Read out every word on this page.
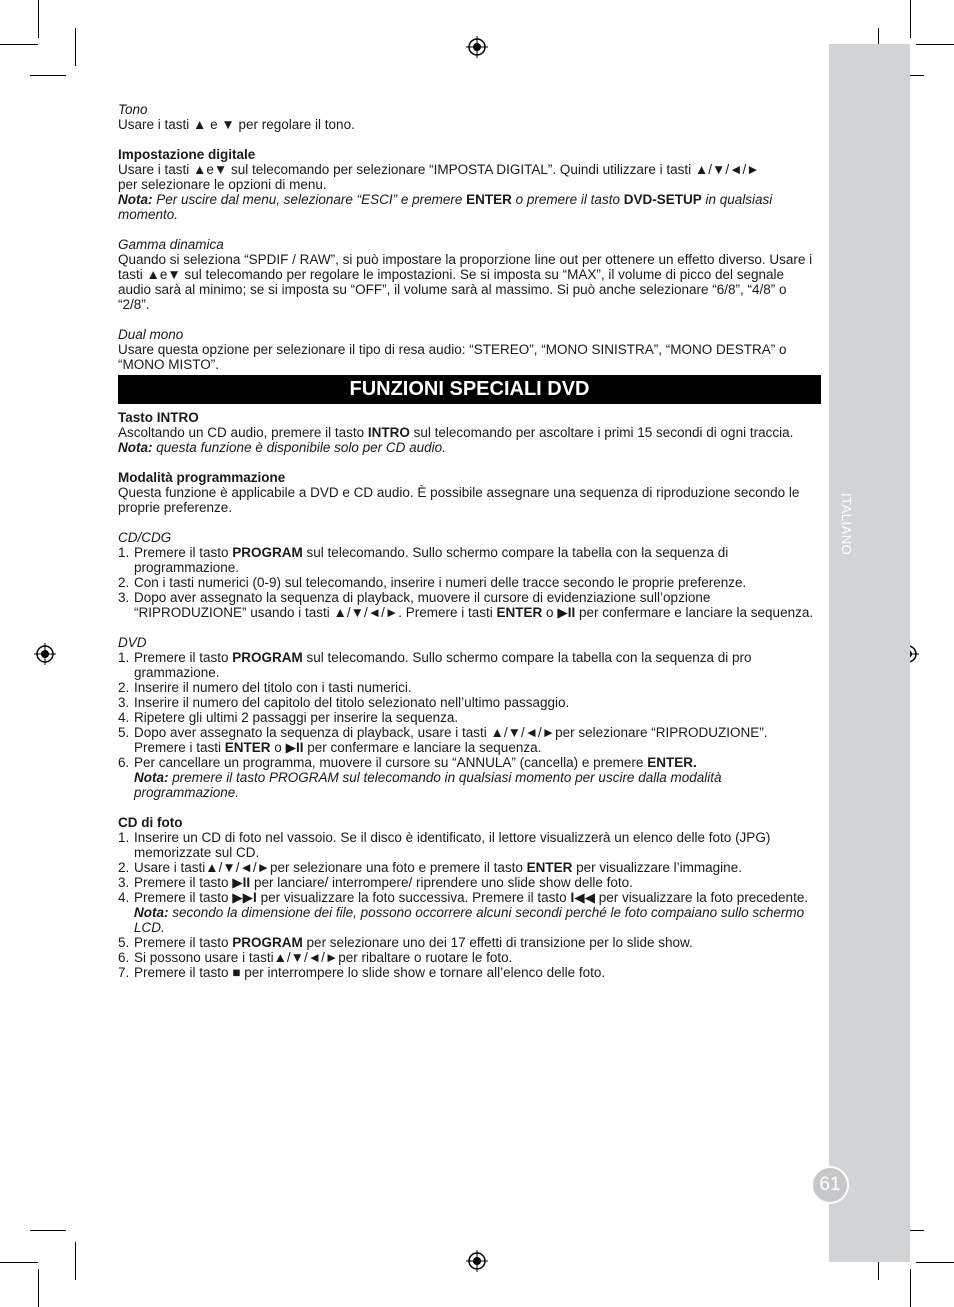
ITALIANO
61

Tono

Usare i tasti ▲ e ▼ per regolare il tono.

Impostazione digitale

Usare i tasti ▲e▼ sul telecomando per selezionare “IMPOSTA DIGITAL”. Quindi utilizzare i tasti ▲/▼/◄/►

per selezionare le opzioni di menu.

Nota: Per uscire dal menu, selezionare “ESCI” e premere ENTER o premere il tasto DVD-SETUP in qualsiasi momento.

Gamma dinamica

Quando si seleziona “SPDIF / RAW”, si può impostare la proporzione line out per ottenere un effetto diverso. Usare i tasti ▲e▼ sul telecomando per regolare le impostazioni. Se si imposta su “MAX”, il volume di picco del segnale audio sarà al minimo; se si imposta su “OFF”, il volume sarà al massimo. Si può anche selezionare “6/8”, “4/8” o “2/8”.

Dual mono

Usare questa opzione per selezionare il tipo di resa audio: “STEREO”, “MONO SINISTRA”, “MONO DESTRA” o “MONO MISTO”.

FUNZIONI SPECIALI DVD

Tasto INTRO

Ascoltando un CD audio, premere il tasto INTRO sul telecomando per ascoltare i primi 15 secondi di ogni traccia.

Nota: questa funzione è disponibile solo per CD audio.

Modalità programmazione

Questa funzione è applicabile a DVD e CD audio. È possibile assegnare una sequenza di riproduzione secondo le proprie preferenze.

CD/CDG

1. Premere il tasto PROGRAM sul telecomando. Sullo schermo compare la tabella con la sequenza di programmazione.
2. Con i tasti numerici (0-9) sul telecomando, inserire i numeri delle tracce secondo le proprie preferenze.
3. Dopo aver assegnato la sequenza di playback, muovere il cursore di evidenziazione sull’opzione “RIPRODUZIONE” usando i tasti ▲/▼/◄/►. Premere i tasti ENTER o ▶II per confermare e lanciare la sequenza.

DVD

1. Premere il tasto PROGRAM sul telecomando. Sullo schermo compare la tabella con la sequenza di pro grammazione.
2. Inserire il numero del titolo con i tasti numerici.
3. Inserire il numero del capitolo del titolo selezionato nell’ultimo passaggio.
4. Ripetere gli ultimi 2 passaggi per inserire la sequenza.
5. Dopo aver assegnato la sequenza di playback, usare i tasti ▲/▼/◄/►per selezionare “RIPRODUZIONE”. Premere i tasti ENTER o ▶II per confermare e lanciare la sequenza.
6. Per cancellare un programma, muovere il cursore su “ANNULA” (cancella) e premere ENTER.
Nota: premere il tasto PROGRAM sul telecomando in qualsiasi momento per uscire dalla modalità programmazione.

CD di foto

1. Inserire un CD di foto nel vassoio. Se il disco è identificato, il lettore visualizzerà un elenco delle foto (JPG) memorizzate sul CD.
2. Usare i tasti▲/▼/◄/►per selezionare una foto e premere il tasto ENTER per visualizzare l’immagine.
3. Premere il tasto ▶II per lanciare/ interrompere/ riprendere uno slide show delle foto.
4. Premere il tasto ▶▶I per visualizzare la foto successiva. Premere il tasto I◀◀ per visualizzare la foto precedente.
Nota: secondo la dimensione dei file, possono occorrere alcuni secondi perché le foto compaiano sullo schermo LCD.
5. Premere il tasto PROGRAM per selezionare uno dei 17 effetti di transizione per lo slide show.
6. Si possono usare i tasti▲/▼/◄/►per ribaltare o ruotare le foto.
7. Premere il tasto ■ per interrompere lo slide show e tornare all’elenco delle foto.
